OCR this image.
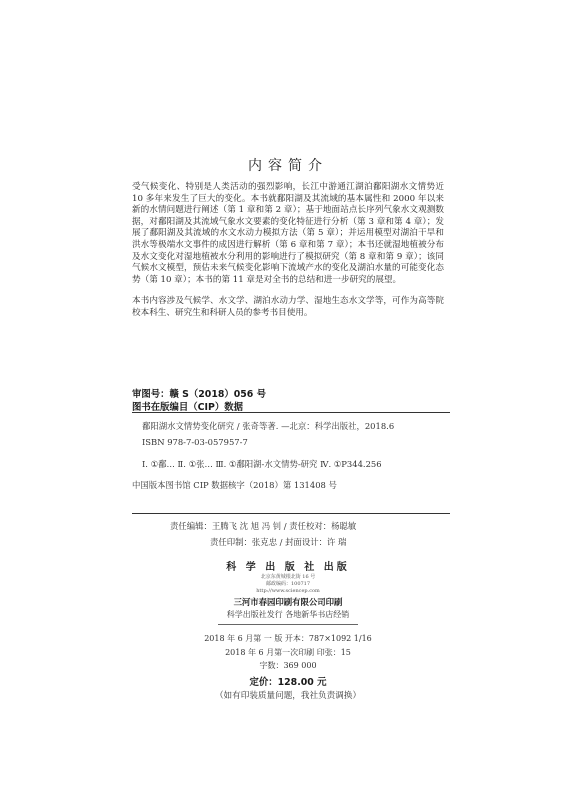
内容简介

受气候变化、特别是人类活动的强烈影响，长江中游通江湖泊鄱阳湖水文情势近 10 多年来发生了巨大的变化。本书就鄱阳湖及其流域的基本属性和 2000 年以来新的水情问题进行阐述（第 1 章和第 2 章）；基于地面站点长序列气象水文观测数据，对鄱阳湖及其流域气象水文要素的变化特征进行分析（第 3 章和第 4 章）；发展了鄱阳湖及其流域的水文水动力模拟方法（第 5 章）；并运用模型对湖泊干旱和洪水等极端水文事件的成因进行解析（第 6 章和第 7 章）；本书还就湿地植被分布及水文变化对湿地植被水分利用的影响进行了模拟研究（第 8 章和第 9 章）；该同气候水文模型，预估未来气候变化影响下流域产水的变化及湖泊水量的可能变化态势（第 10 章）；本书的第 11 章是对全书的总结和进一步研究的展望。

本书内容涉及气候学、水文学、湖泊水动力学、湿地生态水文学等，可作为高等院校本科生、研究生和科研人员的参考书目使用。

审图号：赣 S（2018）056 号
图书在版编目（CIP）数据
鄱阳湖水文情势变化研究 / 张奇等著. —北京：科学出版社，2018.6
ISBN 978-7-03-057957-7
Ⅰ. ①鄱… Ⅱ. ①张… Ⅲ. ①鄱阳湖-水文情势-研究 Ⅳ. ①P344.256
中国版本图书馆 CIP 数据核字（2018）第 131408 号
责任编辑：王腾飞 沈 旭 冯 钊 / 责任校对：杨聪敏
责任印制：张克忠 / 封面设计：许 瑞
科 学 出 版 社 出版
北京东黄城根北街 16 号
邮政编码：100717
http://www.sciencep.com
三河市春园印刷有限公司印刷
科学出版社发行 各地新华书店经销
2018 年 6 月第 一 版 开本：787×1092 1/16
2018 年 6 月第一次印刷 印张：15
字数：369 000
定价：128.00 元
（如有印装质量问题，我社负责调换）
